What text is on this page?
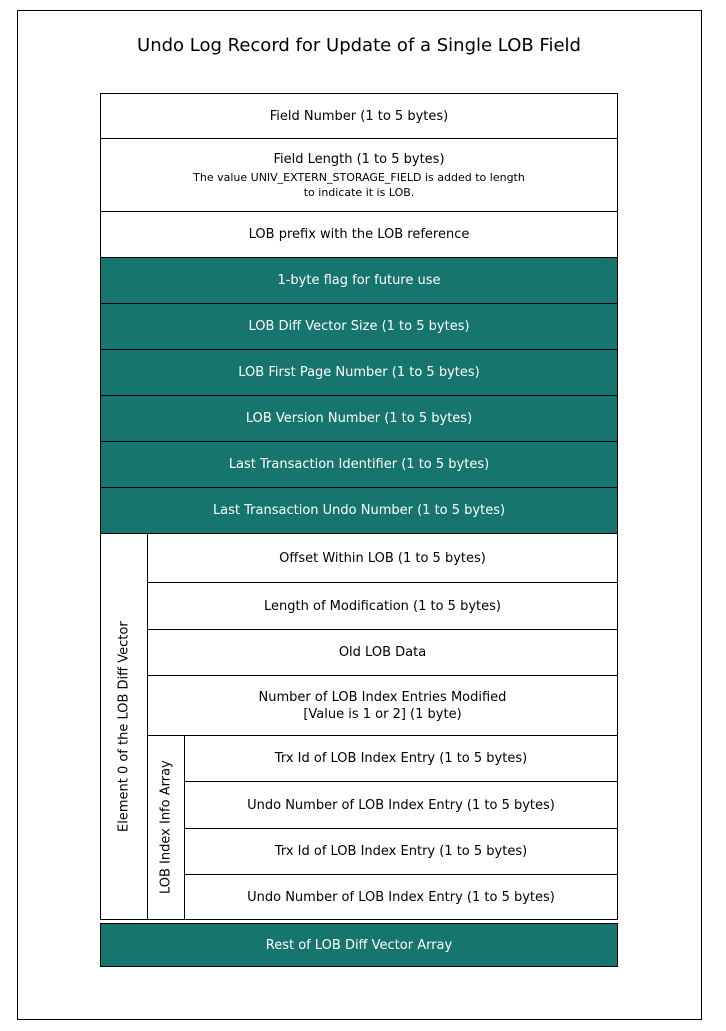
Undo Log Record for Update of a Single LOB Field
Field Number (1 to 5 bytes)
Field Length (1 to 5 bytes)
The value UNIV_EXTERN_STORAGE_FIELD is added to length
to indicate it is LOB.
LOB prefix with the LOB reference
1-byte flag for future use
LOB Diff Vector Size (1 to 5 bytes)
LOB First Page Number (1 to 5 bytes)
LOB Version Number (1 to 5 bytes)
Last Transaction Identifier (1 to 5 bytes)
Last Transaction Undo Number (1 to 5 bytes)
Element 0 of the LOB Diff Vector
Offset Within LOB (1 to 5 bytes)
Length of Modification (1 to 5 bytes)
Old LOB Data
Number of LOB Index Entries Modified
[Value is 1 or 2] (1 byte)
LOB Index Info Array
Trx Id of LOB Index Entry (1 to 5 bytes)
Undo Number of LOB Index Entry (1 to 5 bytes)
Trx Id of LOB Index Entry (1 to 5 bytes)
Undo Number of LOB Index Entry (1 to 5 bytes)
Rest of LOB Diff Vector Array
